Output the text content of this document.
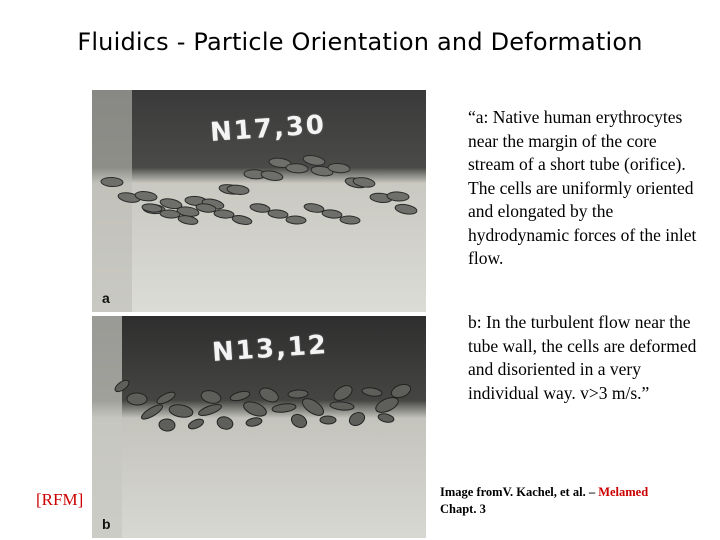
Fluidics - Particle Orientation and Deformation
N17,30
a
N13,12
b
“a: Native human erythrocytes near the margin of the core stream of a short tube (orifice). The cells are uniformly oriented and elongated by the hydrodynamic forces of the inlet flow.
b: In the turbulent flow near the tube wall, the cells are deformed and disoriented in a very individual way. v>3 m/s.”
[RFM]	Image fromV. Kachel, et al. – Melamed
Chapt. 3
